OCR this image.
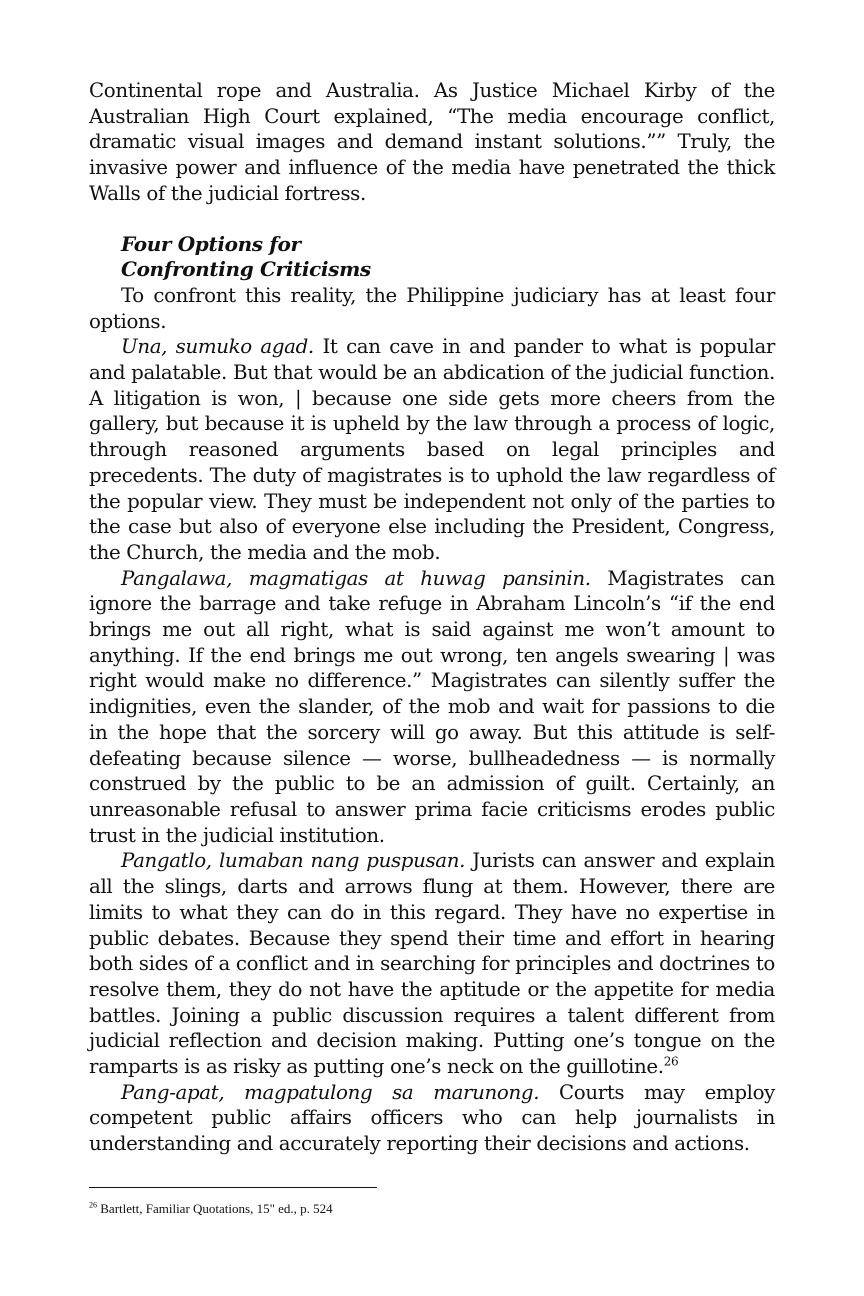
Continental rope and Australia. As Justice Michael Kirby of the Australian High Court explained, “The media encourage conflict, dramatic visual images and demand instant solutions.”” Truly, the invasive power and influence of the media have penetrated the thick Walls of the judicial fortress.

Four Options for
Confronting Criticisms

To confront this reality, the Philippine judiciary has at least four options.

Una, sumuko agad. It can cave in and pander to what is popular and palatable. But that would be an abdication of the judicial function. A litigation is won, | because one side gets more cheers from the gallery, but because it is upheld by the law through a process of logic, through reasoned arguments based on legal principles and precedents. The duty of magistrates is to uphold the law regardless of the popular view. They must be independent not only of the parties to the case but also of everyone else including the President, Congress, the Church, the media and the mob.

Pangalawa, magmatigas at huwag pansinin. Magistrates can ignore the barrage and take refuge in Abraham Lincoln’s “if the end brings me out all right, what is said against me won’t amount to anything. If the end brings me out wrong, ten angels swearing | was right would make no difference.” Magistrates can silently suffer the indignities, even the slander, of the mob and wait for passions to die in the hope that the sorcery will go away. But this attitude is self-defeating because silence — worse, bullheadedness — is normally construed by the public to be an admission of guilt. Certainly, an unreasonable refusal to answer prima facie criticisms erodes public trust in the judicial institution.

Pangatlo, lumaban nang puspusan. Jurists can answer and explain all the slings, darts and arrows flung at them. However, there are limits to what they can do in this regard. They have no expertise in public debates. Because they spend their time and effort in hearing both sides of a conflict and in searching for principles and doctrines to resolve them, they do not have the aptitude or the appetite for media battles. Joining a public discussion requires a talent different from judicial reflection and decision making. Putting one’s tongue on the ramparts is as risky as putting one’s neck on the guillotine.$^{26}$

Pang-apat, magpatulong sa marunong. Courts may employ competent public affairs officers who can help journalists in understanding and accurately reporting their decisions and actions.

$^{26}$ Bartlett, Familiar Quotations, 15" ed., p. 524
